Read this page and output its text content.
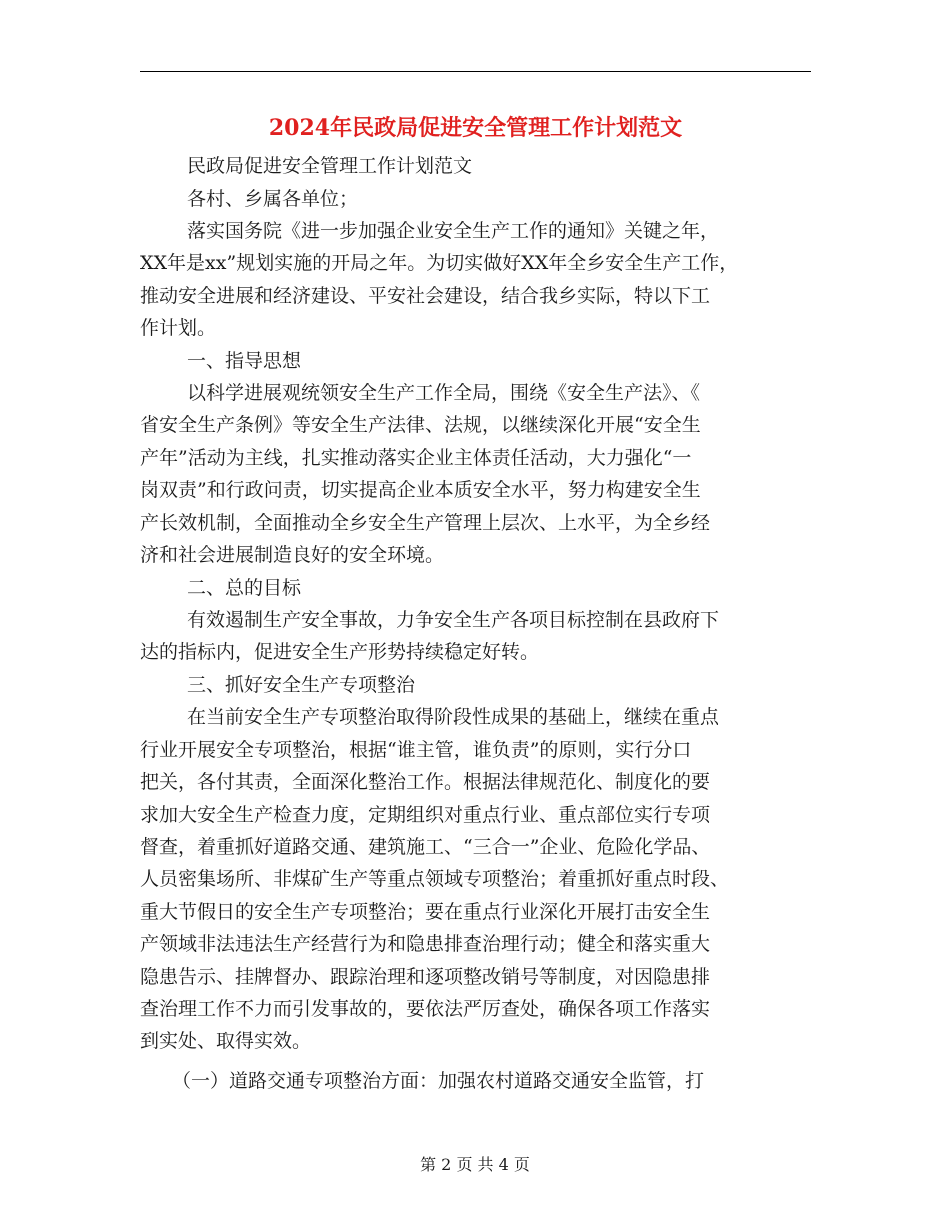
2024年民政局促进安全管理工作计划范文

民政局促进安全管理工作计划范文

各村、乡属各单位；

落实国务院《进一步加强企业安全生产工作的通知》关键之年，

XX年是xx”规划实施的开局之年。为切实做好XX年全乡安全生产工作，

推动安全进展和经济建设、平安社会建设，结合我乡实际，特以下工

作计划。

一、指导思想

以科学进展观统领安全生产工作全局，围绕《安全生产法》、《

省安全生产条例》等安全生产法律、法规，以继续深化开展“安全生

产年”活动为主线，扎实推动落实企业主体责任活动，大力强化“一

岗双责”和行政问责，切实提高企业本质安全水平，努力构建安全生

产长效机制，全面推动全乡安全生产管理上层次、上水平，为全乡经

济和社会进展制造良好的安全环境。

二、总的目标

有效遏制生产安全事故，力争安全生产各项目标控制在县政府下

达的指标内，促进安全生产形势持续稳定好转。

三、抓好安全生产专项整治

在当前安全生产专项整治取得阶段性成果的基础上，继续在重点

行业开展安全专项整治，根据“谁主管，谁负责”的原则，实行分口

把关，各付其责，全面深化整治工作。根据法律规范化、制度化的要

求加大安全生产检查力度，定期组织对重点行业、重点部位实行专项

督查，着重抓好道路交通、建筑施工、“三合一”企业、危险化学品、

人员密集场所、非煤矿生产等重点领域专项整治；着重抓好重点时段、

重大节假日的安全生产专项整治；要在重点行业深化开展打击安全生

产领域非法违法生产经营行为和隐患排查治理行动；健全和落实重大

隐患告示、挂牌督办、跟踪治理和逐项整改销号等制度，对因隐患排

查治理工作不力而引发事故的，要依法严厉查处，确保各项工作落实

到实处、取得实效。

（一）道路交通专项整治方面：加强农村道路交通安全监管，打

第 2 页 共 4 页
